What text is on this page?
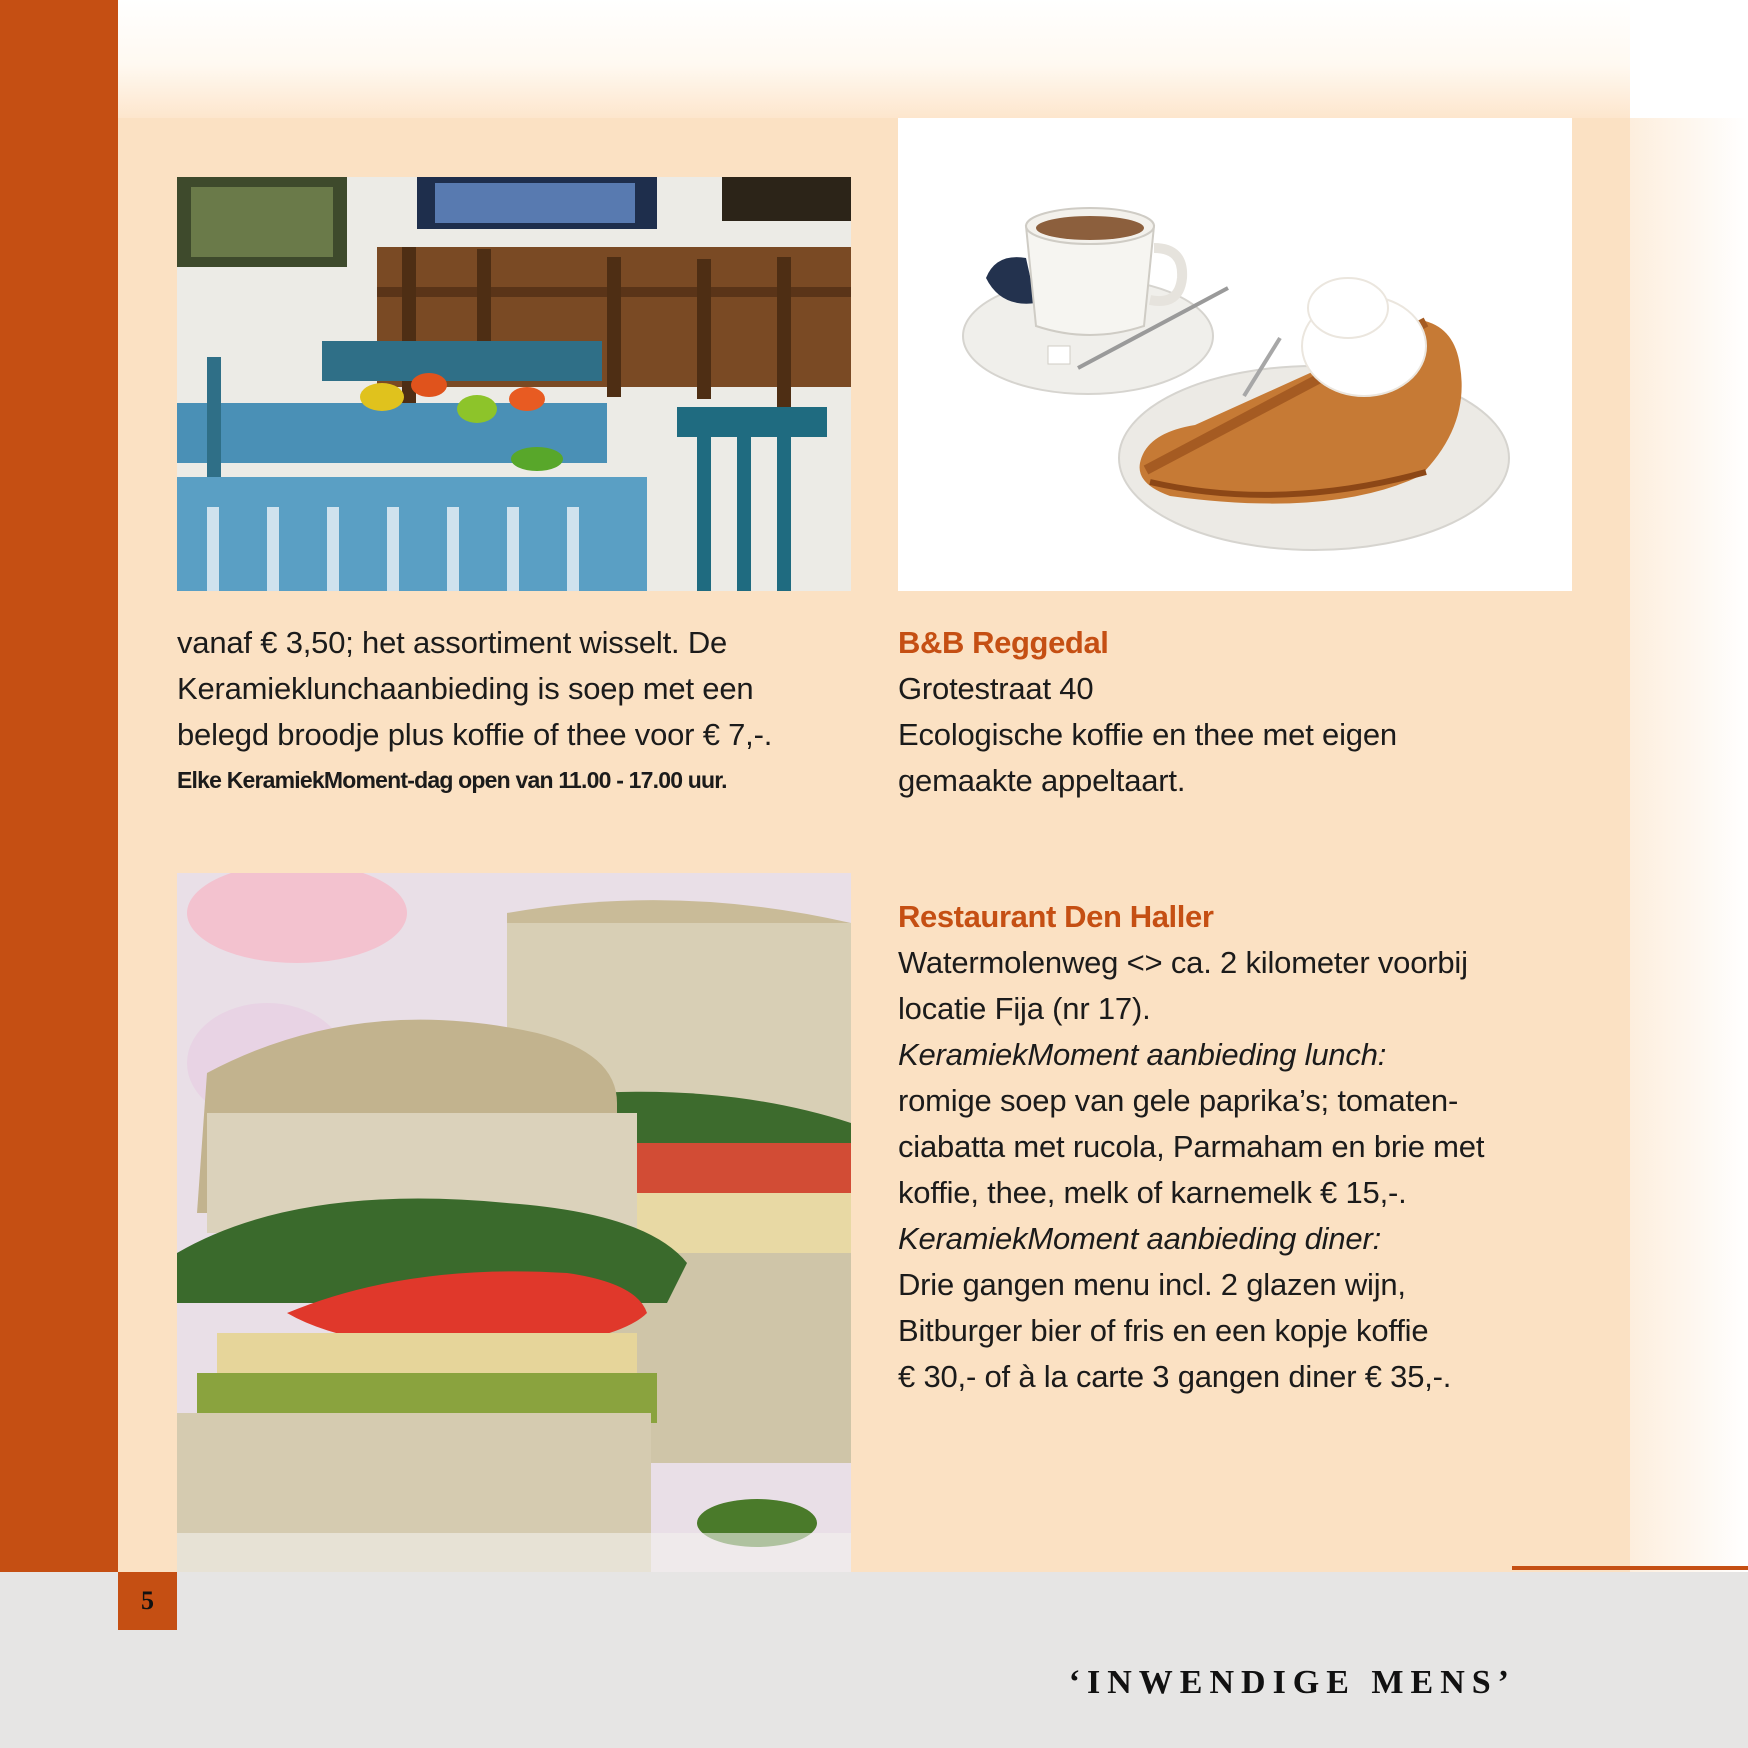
vanaf € 3,50; het assortiment wisselt. De
Keramieklunchaanbieding is soep met een
belegd broodje plus koffie of thee voor € 7,-.
Elke KeramiekMoment-dag open van 11.00 - 17.00 uur.
B&B Reggedal
Grotestraat 40
Ecologische koffie en thee met eigen
gemaakte appeltaart.
Restaurant Den Haller
Watermolenweg <> ca. 2 kilometer voorbij
locatie Fija (nr 17).
KeramiekMoment aanbieding lunch:
romige soep van gele paprika’s; tomaten-
ciabatta met rucola, Parmaham en brie met
koffie, thee, melk of karnemelk € 15,-.
KeramiekMoment aanbieding diner:
Drie gangen menu incl. 2 glazen wijn,
Bitburger bier of fris en een kopje koffie
€ 30,- of à la carte 3 gangen diner € 35,-.
5
‘INWENDIGE MENS’
